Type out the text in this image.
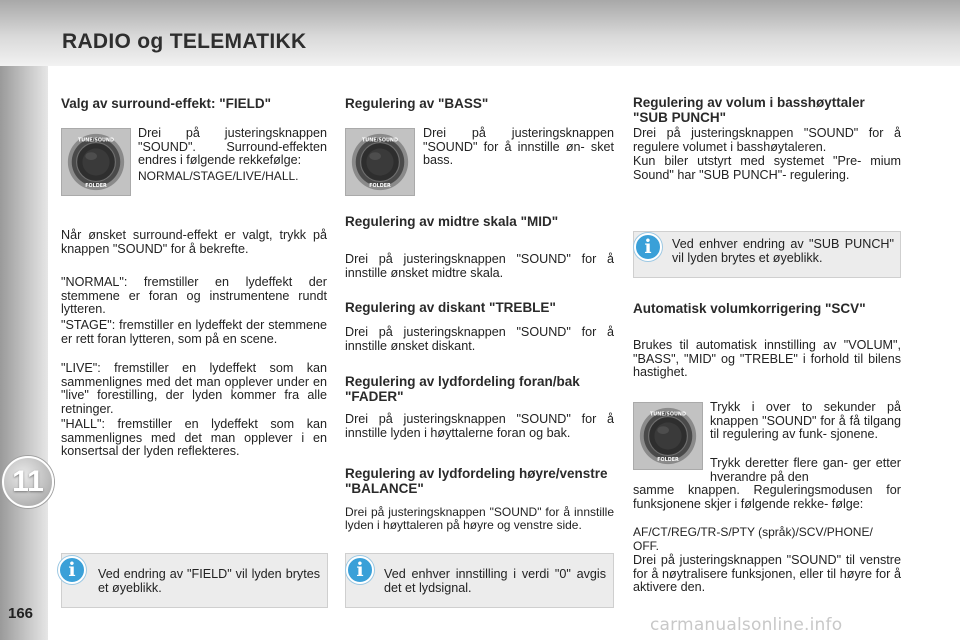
RADIO og TELEMATIKK
11
166
Valg av surround-effekt: "FIELD"
TUNE/SOUND
FOLDER
Drei på justeringsknappen "SOUND". Surround-effekten endres i følgende rekkefølge:
NORMAL/STAGE/LIVE/HALL.
Når ønsket surround-effekt er valgt, trykk på knappen "SOUND" for å bekrefte.
"NORMAL": fremstiller en lydeffekt der stemmene er foran og instrumentene rundt lytteren.
"STAGE": fremstiller en lydeffekt der stemmene er rett foran lytteren, som på en scene.
"LIVE": fremstiller en lydeffekt som kan sammenlignes med det man opplever under en "live" forestilling, der lyden kommer fra alle retninger.
"HALL": fremstiller en lydeffekt som kan sammenlignes med det man opplever i en konsertsal der lyden reflekteres.
Ved endring av "FIELD" vil lyden brytes et øyeblikk.
i
Regulering av "BASS"
TUNE/SOUND
FOLDER
Drei på justeringsknappen "SOUND" for å innstille øn- sket bass.
Regulering av midtre skala "MID"
Drei på justeringsknappen "SOUND" for å innstille ønsket midtre skala.
Regulering av diskant "TREBLE"
Drei på justeringsknappen "SOUND" for å innstille ønsket diskant.
Regulering av lydfordeling foran/bak "FADER"
Drei på justeringsknappen "SOUND" for å innstille lyden i høyttalerne foran og bak.
Regulering av lydfordeling høyre/venstre "BALANCE"
Drei på justeringsknappen "SOUND" for å innstille lyden i høyttaleren på høyre og venstre side.
Ved enhver innstilling i verdi "0" avgis det et lydsignal.
i
Regulering av volum i basshøyttaler "SUB PUNCH"
Drei på justeringsknappen "SOUND" for å regulere volumet i basshøytaleren.
Kun biler utstyrt med systemet "Pre- mium Sound" har "SUB PUNCH"- regulering.
Ved enhver endring av "SUB PUNCH" vil lyden brytes et øyeblikk.
i
Automatisk volumkorrigering "SCV"
Brukes til automatisk innstilling av "VOLUM", "BASS", "MID" og "TREBLE" i forhold til bilens hastighet.
TUNE/SOUND
FOLDER
Trykk i over to sekunder på knappen "SOUND" for å få tilgang til regulering av funk- sjonene.
Trykk deretter flere gan- ger etter hverandre på den
samme knappen. Reguleringsmodusen for funksjonene skjer i følgende rekke- følge:
AF/CT/REG/TR-S/PTY (språk)/SCV/PHONE/ OFF.
Drei på justeringsknappen "SOUND" til venstre for å nøytralisere funksjonen, eller til høyre for å aktivere den.
carmanualsonline.info
